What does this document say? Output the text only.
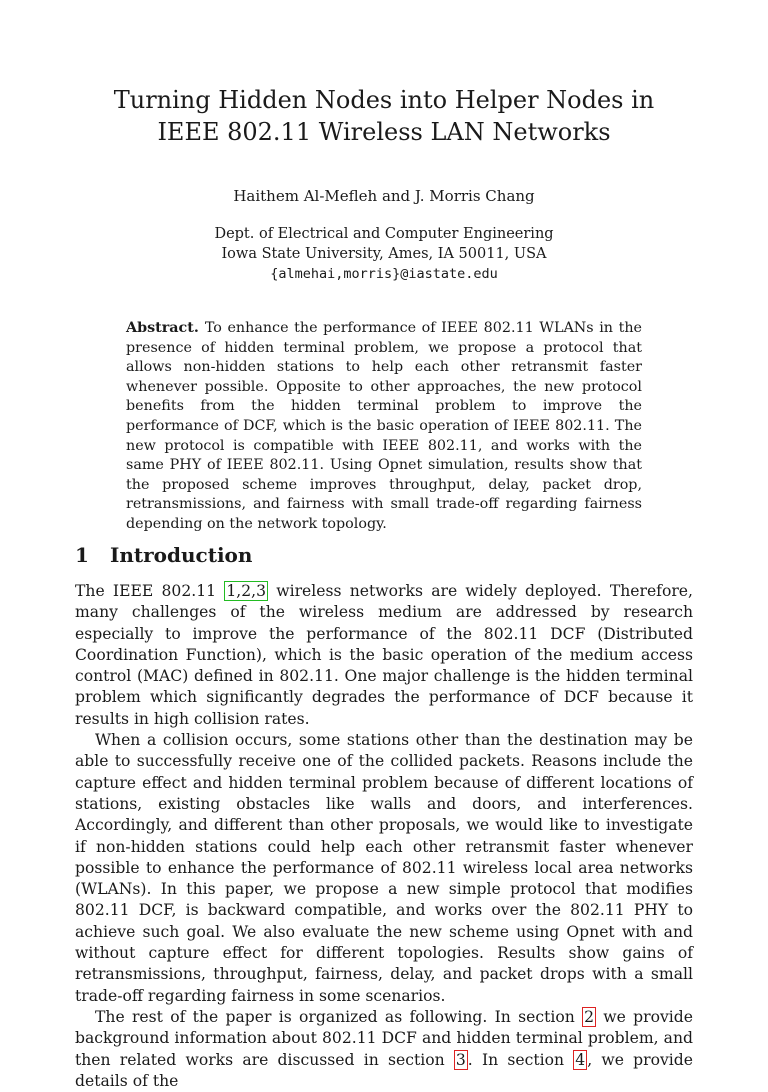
Turning Hidden Nodes into Helper Nodes in
IEEE 802.11 Wireless LAN Networks
Haithem Al-Mefleh and J. Morris Chang
Dept. of Electrical and Computer Engineering
Iowa State University, Ames, IA 50011, USA
{almehai,morris}@iastate.edu
Abstract. To enhance the performance of IEEE 802.11 WLANs in the presence of hidden terminal problem, we propose a protocol that allows non-hidden stations to help each other retransmit faster whenever possible. Opposite to other approaches, the new protocol benefits from the hidden terminal problem to improve the performance of DCF, which is the basic operation of IEEE 802.11. The new protocol is compatible with IEEE 802.11, and works with the same PHY of IEEE 802.11. Using Opnet simulation, results show that the proposed scheme improves throughput, delay, packet drop, retransmissions, and fairness with small trade-off regarding fairness depending on the network topology.
1 Introduction

The IEEE 802.11 1,2,3 wireless networks are widely deployed. Therefore, many challenges of the wireless medium are addressed by research especially to improve the performance of the 802.11 DCF (Distributed Coordination Function), which is the basic operation of the medium access control (MAC) defined in 802.11. One major challenge is the hidden terminal problem which significantly degrades the performance of DCF because it results in high collision rates.

When a collision occurs, some stations other than the destination may be able to successfully receive one of the collided packets. Reasons include the capture effect and hidden terminal problem because of different locations of stations, existing obstacles like walls and doors, and interferences. Accordingly, and different than other proposals, we would like to investigate if non-hidden stations could help each other retransmit faster whenever possible to enhance the performance of 802.11 wireless local area networks (WLANs). In this paper, we propose a new simple protocol that modifies 802.11 DCF, is backward compatible, and works over the 802.11 PHY to achieve such goal. We also evaluate the new scheme using Opnet with and without capture effect for different topologies. Results show gains of retransmissions, throughput, fairness, delay, and packet drops with a small trade-off regarding fairness in some scenarios.

The rest of the paper is organized as following. In section 2 we provide background information about 802.11 DCF and hidden terminal problem, and then related works are discussed in section 3 . In section 4 , we provide details of the
